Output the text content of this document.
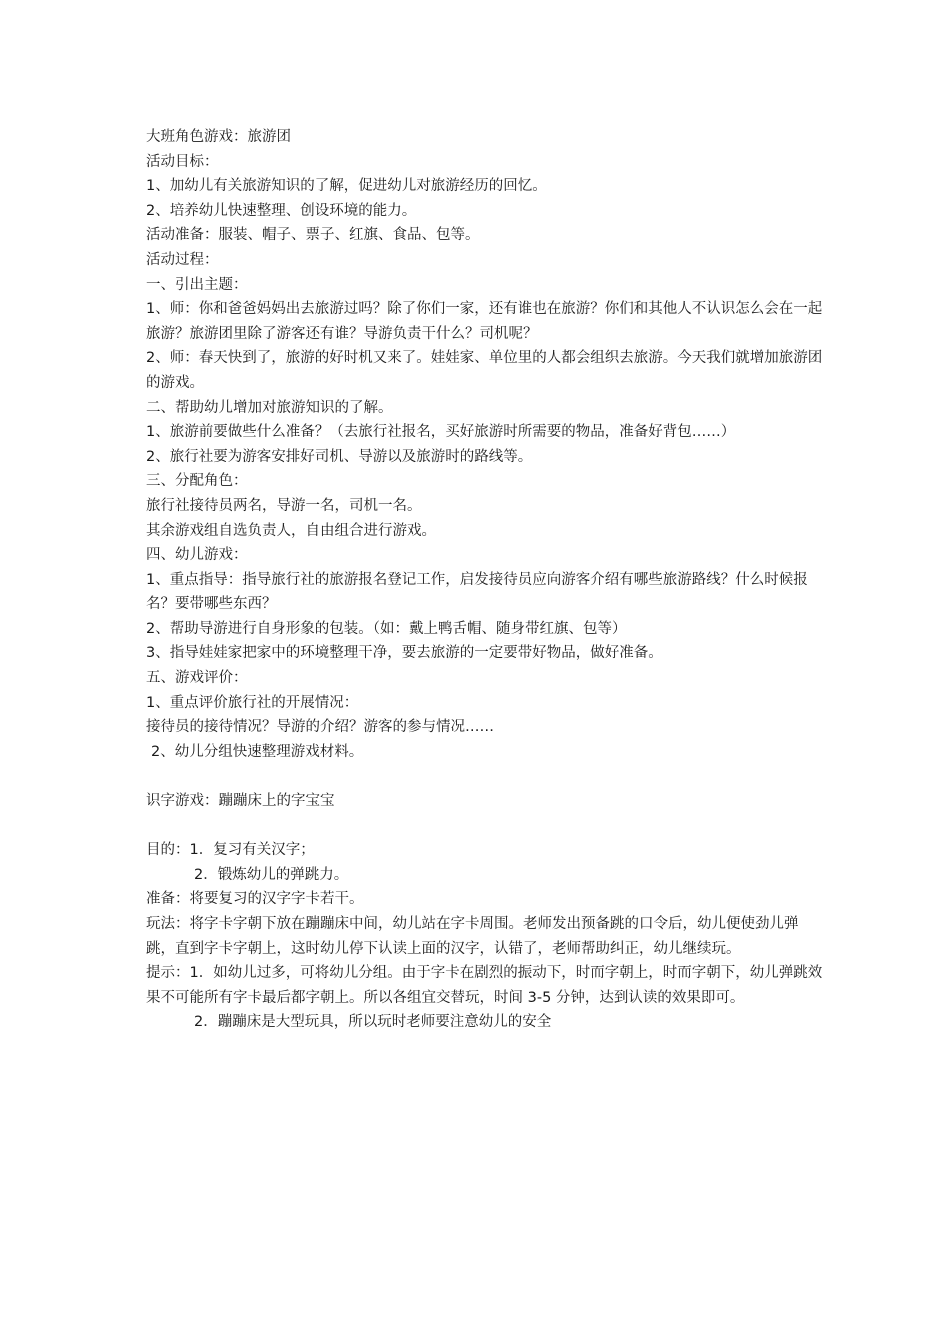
大班角色游戏：旅游团

活动目标：

1、加幼儿有关旅游知识的了解，促进幼儿对旅游经历的回忆。

2、培养幼儿快速整理、创设环境的能力。

活动准备：服装、帽子、票子、红旗、食品、包等。

活动过程：

一、引出主题：

1、师：你和爸爸妈妈出去旅游过吗？除了你们一家，还有谁也在旅游？你们和其他人不认识怎么会在一起旅游？旅游团里除了游客还有谁？导游负责干什么？司机呢？

2、师：春天快到了，旅游的好时机又来了。娃娃家、单位里的人都会组织去旅游。今天我们就增加旅游团的游戏。

二、帮助幼儿增加对旅游知识的了解。

1、旅游前要做些什么准备？（去旅行社报名，买好旅游时所需要的物品，准备好背包……）

2、旅行社要为游客安排好司机、导游以及旅游时的路线等。

三、分配角色：

旅行社接待员两名，导游一名，司机一名。

其余游戏组自选负责人，自由组合进行游戏。

四、幼儿游戏：

1、重点指导：指导旅行社的旅游报名登记工作，启发接待员应向游客介绍有哪些旅游路线？什么时候报名？要带哪些东西？

2、帮助导游进行自身形象的包装。（如：戴上鸭舌帽、随身带红旗、包等）

3、指导娃娃家把家中的环境整理干净，要去旅游的一定要带好物品，做好准备。

五、游戏评价：

1、重点评价旅行社的开展情况：

接待员的接待情况？导游的介绍？游客的参与情况……

2、幼儿分组快速整理游戏材料。

识字游戏：蹦蹦床上的字宝宝

目的：1．复习有关汉字；

2．锻炼幼儿的弹跳力。

准备：将要复习的汉字字卡若干。

玩法：将字卡字朝下放在蹦蹦床中间，幼儿站在字卡周围。老师发出预备跳的口令后，幼儿便使劲儿弹跳，直到字卡字朝上，这时幼儿停下认读上面的汉字，认错了，老师帮助纠正，幼儿继续玩。

提示：1．如幼儿过多，可将幼儿分组。由于字卡在剧烈的振动下，时而字朝上，时而字朝下，幼儿弹跳效果不可能所有字卡最后都字朝上。所以各组宜交替玩，时间 3-5 分钟，达到认读的效果即可。

2．蹦蹦床是大型玩具，所以玩时老师要注意幼儿的安全
